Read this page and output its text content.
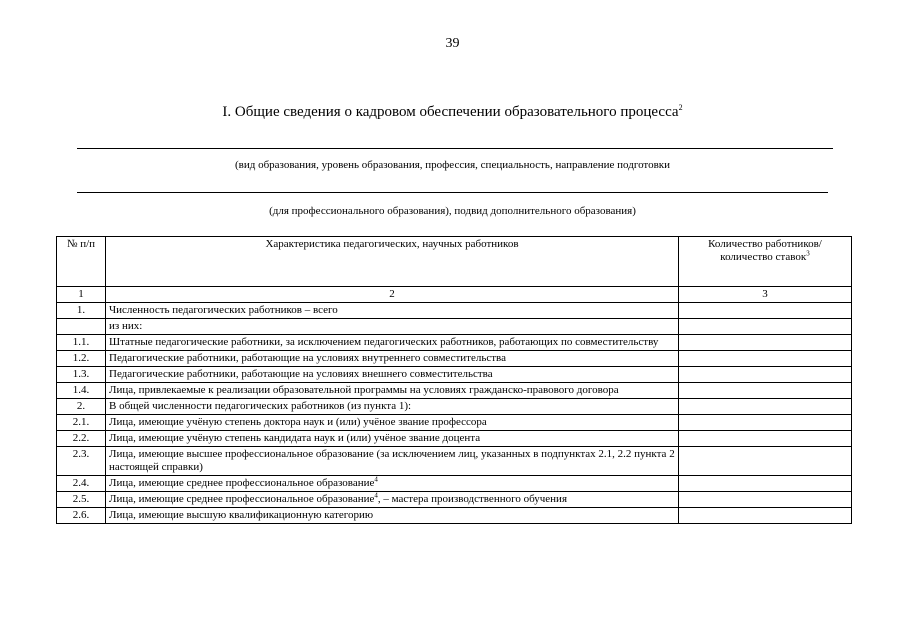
39
I. Общие сведения о кадровом обеспечении образовательного процесса$^2$
(вид образования, уровень образования, профессия, специальность, направление подготовки
(для профессионального образования), подвид дополнительного образования)
№ п/п	Характеристика педагогических, научных работников	Количество работников/ количество ставок$^3$
1	2	3
1.	Численность педагогических работников – всего	
	из них:	
1.1.	Штатные педагогические работники, за исключением педагогических работников, работающих по совместительству	
1.2.	Педагогические работники, работающие на условиях внутреннего совместительства	
1.3.	Педагогические работники, работающие на условиях внешнего совместительства	
1.4.	Лица, привлекаемые к реализации образовательной программы на условиях гражданско-правового договора	
2.	В общей численности педагогических работников (из пункта 1):	
2.1.	Лица, имеющие учёную степень доктора наук и (или) учёное звание профессора	
2.2.	Лица, имеющие учёную степень кандидата наук и (или) учёное звание доцента	
2.3.	Лица, имеющие высшее профессиональное образование (за исключением лиц, указанных в подпунктах 2.1, 2.2 пункта 2 настоящей справки)	
2.4.	Лица, имеющие среднее профессиональное образование$^4$	
2.5.	Лица, имеющие среднее профессиональное образование$^4$, – мастера производственного обучения	
2.6.	Лица, имеющие высшую квалификационную категорию	
